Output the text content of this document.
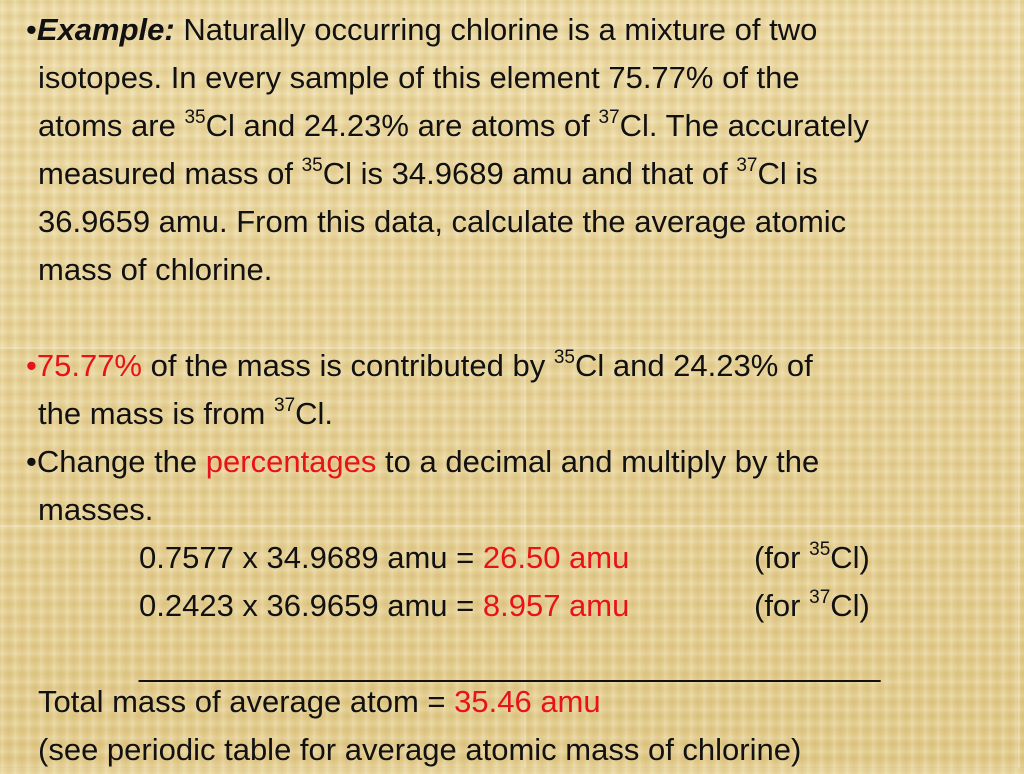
•Example: Naturally occurring chlorine is a mixture of two
isotopes. In every sample of this element 75.77% of the
atoms are $^{35}$Cl and 24.23% are atoms of $^{37}$Cl. The accurately
measured mass of $^{35}$Cl is 34.9689 amu and that of $^{37}$Cl is
36.9659 amu. From this data, calculate the average atomic
mass of chlorine.
•75.77% of the mass is contributed by $^{35}$Cl and 24.23% of
the mass is from $^{37}$Cl.
•Change the percentages to a decimal and multiply by the
masses.
0.7577 x 34.9689 amu = 26.50 amu	(for $^{35}$Cl)
0.2423 x 36.9659 amu = 8.957 amu	(for $^{37}$Cl)
___________________________________________
Total mass of average atom = 35.46 amu
(see periodic table for average atomic mass of chlorine)
